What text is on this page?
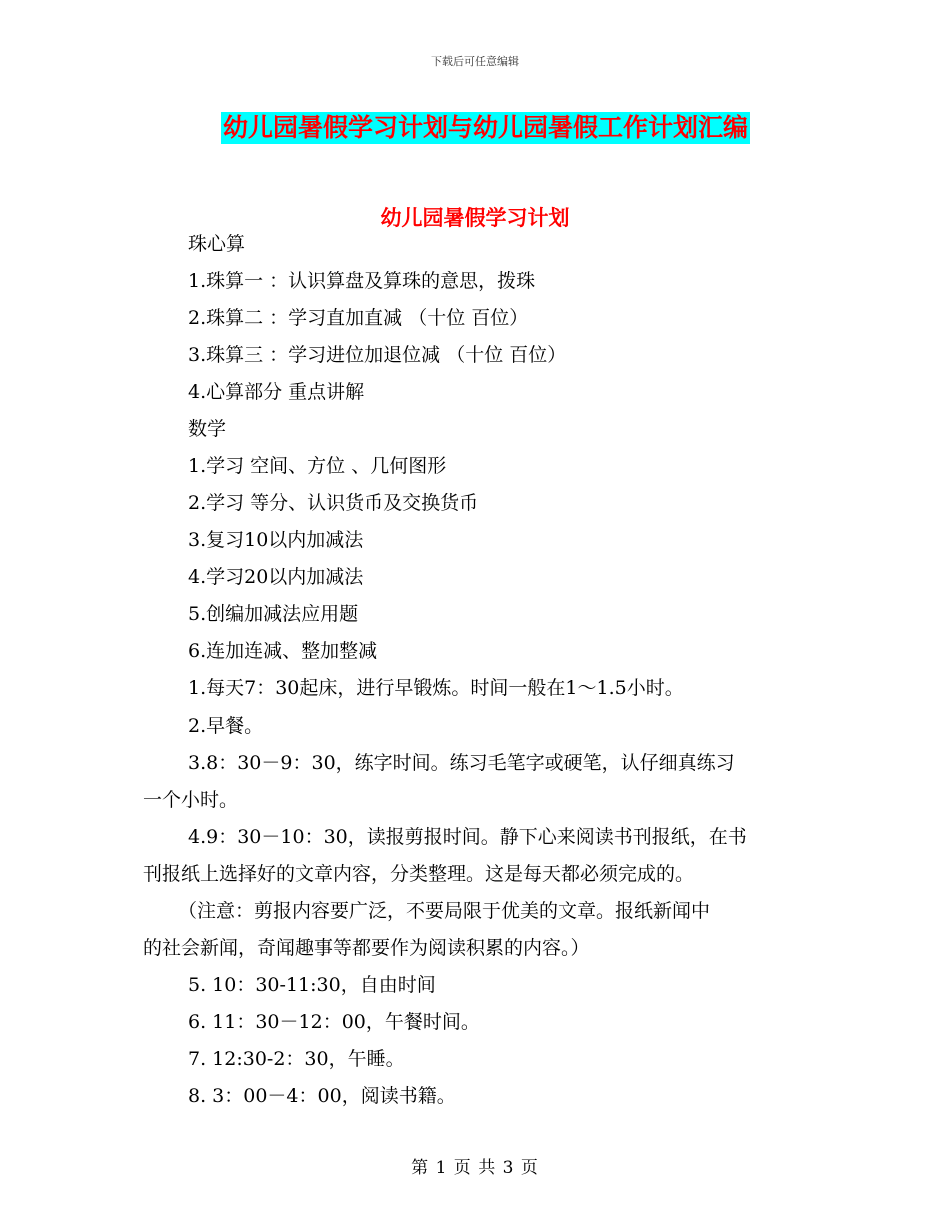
下载后可任意编辑
幼儿园暑假学习计划与幼儿园暑假工作计划汇编
幼儿园暑假学习计划
珠心算
1.珠算一 ：认识算盘及算珠的意思，拨珠
2.珠算二 ：学习直加直减 （十位 百位）
3.珠算三 ：学习进位加退位减 （十位 百位）
4.心算部分 重点讲解
数学
1.学习 空间、方位 、几何图形
2.学习 等分、认识货币及交换货币
3.复习10以内加减法
4.学习20以内加减法
5.创编加减法应用题
6.连加连减、整加整减
1.每天7：30起床，进行早锻炼。时间一般在1～1.5小时。
2.早餐。
3.8：30－9：30，练字时间。练习毛笔字或硬笔，认仔细真练习
一个小时。
4.9：30－10：30，读报剪报时间。静下心来阅读书刊报纸，在书
刊报纸上选择好的文章内容，分类整理。这是每天都必须完成的。
（注意：剪报内容要广泛，不要局限于优美的文章。报纸新闻中
的社会新闻，奇闻趣事等都要作为阅读积累的内容。）
5. 10：30-11:30，自由时间
6. 11：30－12：00，午餐时间。
7. 12:30-2：30，午睡。
8. 3：00－4：00，阅读书籍。
第 1 页 共 3 页
